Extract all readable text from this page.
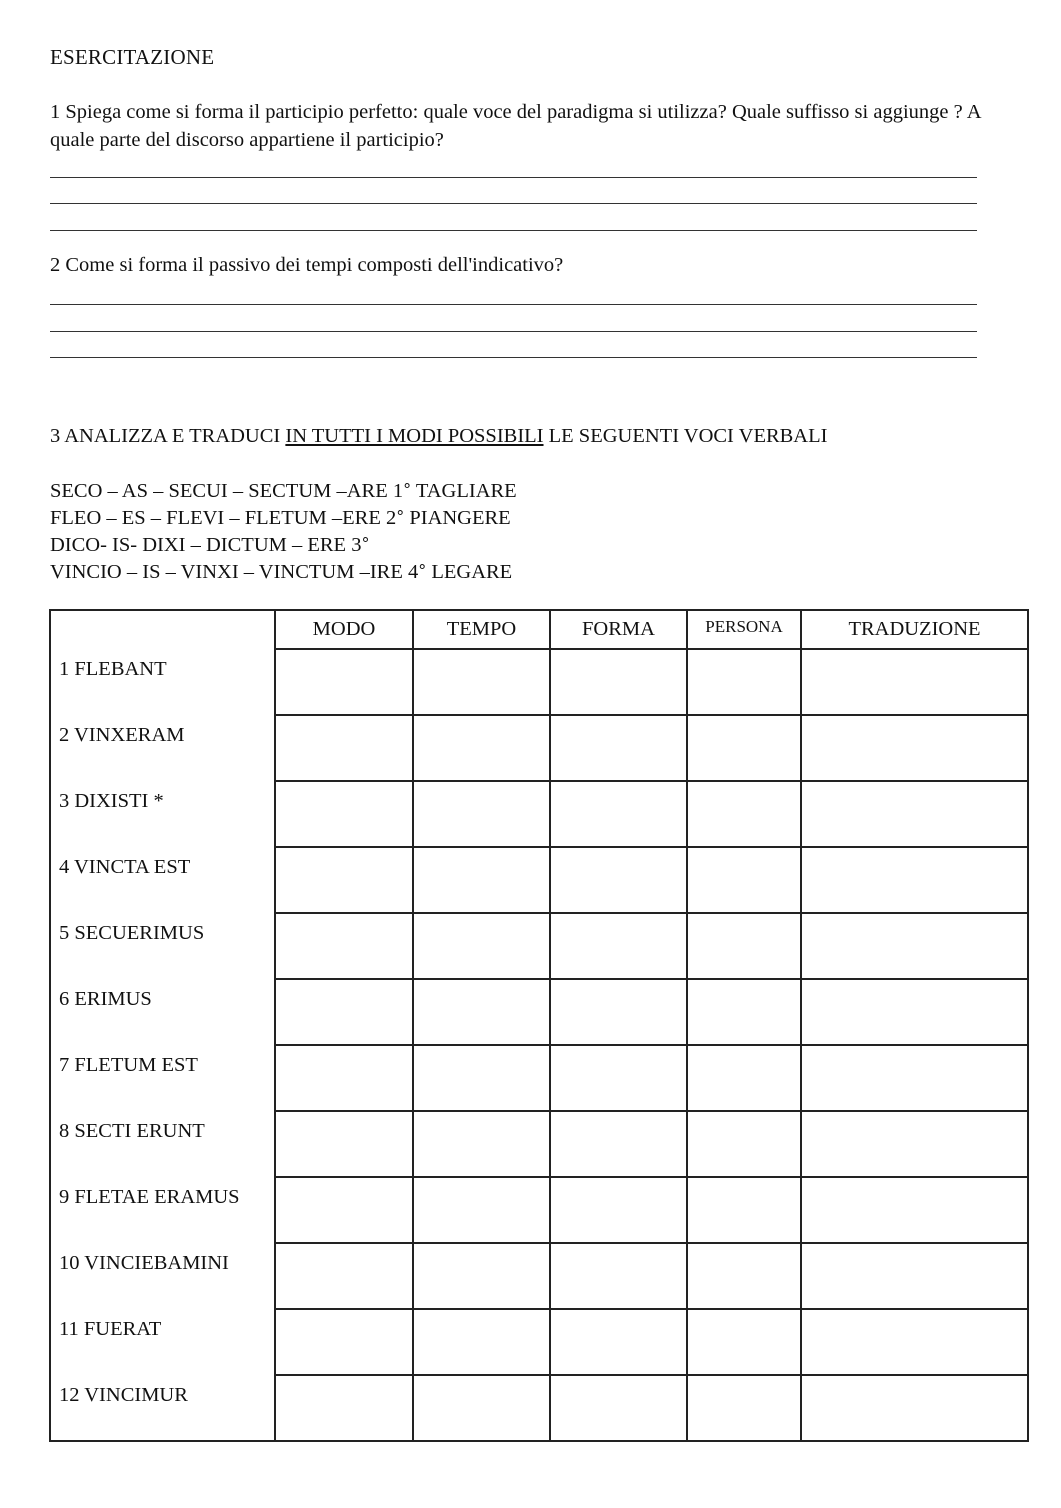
ESERCITAZIONE
1 Spiega come si forma il participio perfetto: quale voce del paradigma si utilizza? Quale suffisso si aggiunge ? A quale parte del discorso appartiene il participio?
2 Come si forma il passivo dei tempi composti dell'indicativo?
3 ANALIZZA E TRADUCI IN TUTTI I MODI POSSIBILI LE SEGUENTI VOCI VERBALI
SECO – AS – SECUI – SECTUM –ARE 1° TAGLIARE
FLEO – ES – FLEVI – FLETUM –ERE 2° PIANGERE
DICO- IS- DIXI – DICTUM – ERE 3°
VINCIO – IS – VINXI – VINCTUM –IRE 4° LEGARE
	MODO	TEMPO	FORMA	PERSONA	TRADUZIONE
1 FLEBANT					
2 VINXERAM					
3 DIXISTI *					
4 VINCTA EST					
5 SECUERIMUS					
6 ERIMUS					
7 FLETUM EST					
8 SECTI ERUNT					
9 FLETAE ERAMUS					
10 VINCIEBAMINI					
11 FUERAT					
12 VINCIMUR					
